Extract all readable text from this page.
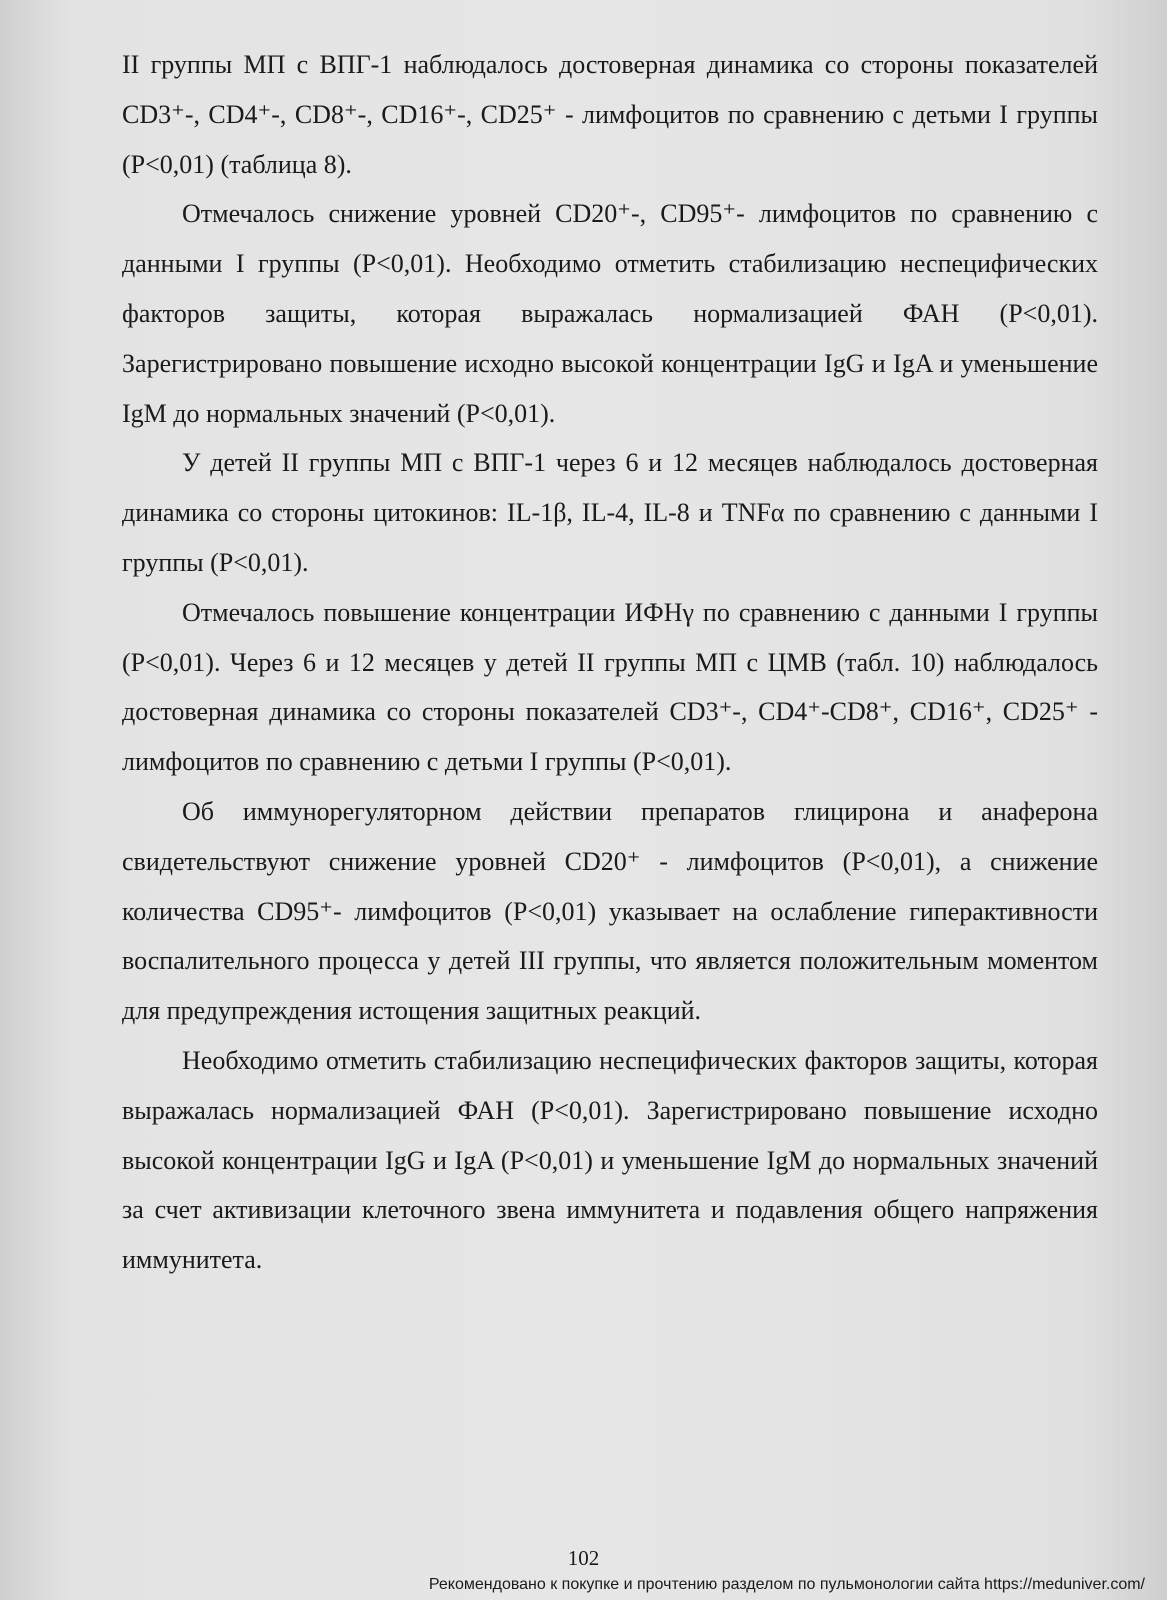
II группы МП с ВПГ-1 наблюдалось достоверная динамика со стороны показателей CD3⁺-, CD4⁺-, CD8⁺-, CD16⁺-, CD25⁺ - лимфоцитов по сравнению с детьми I группы (P<0,01) (таблица 8).

Отмечалось снижение уровней CD20⁺-, CD95⁺- лимфоцитов по сравнению с данными I группы (P<0,01). Необходимо отметить стабилизацию неспецифических факторов защиты, которая выражалась нормализацией ФАН (P<0,01). Зарегистрировано повышение исходно высокой концентрации IgG и IgA и уменьшение IgM до нормальных значений (P<0,01).

У детей II группы МП с ВПГ-1 через 6 и 12 месяцев наблюдалось достоверная динамика со стороны цитокинов: IL-1β, IL-4, IL-8 и TNFα по сравнению с данными I группы (P<0,01).

Отмечалось повышение концентрации ИФНγ по сравнению с данными I группы (P<0,01). Через 6 и 12 месяцев у детей II группы МП с ЦМВ (табл. 10) наблюдалось достоверная динамика со стороны показателей CD3⁺-, CD4⁺-CD8⁺, CD16⁺, CD25⁺ - лимфоцитов по сравнению с детьми I группы (P<0,01).

Об иммунорегуляторном действии препаратов глицирона и анаферона свидетельствуют снижение уровней CD20⁺ - лимфоцитов (P<0,01), а снижение количества CD95⁺- лимфоцитов (P<0,01) указывает на ослабление гиперактивности воспалительного процесса у детей III группы, что является положительным моментом для предупреждения истощения защитных реакций.

Необходимо отметить стабилизацию неспецифических факторов защиты, которая выражалась нормализацией ФАН (P<0,01). Зарегистрировано повышение исходно высокой концентрации IgG и IgA (P<0,01) и уменьшение IgM до нормальных значений за счет активизации клеточного звена иммунитета и подавления общего напряжения иммунитета.

102
Рекомендовано к покупке и прочтению разделом по пульмонологии сайта https://meduniver.com/
